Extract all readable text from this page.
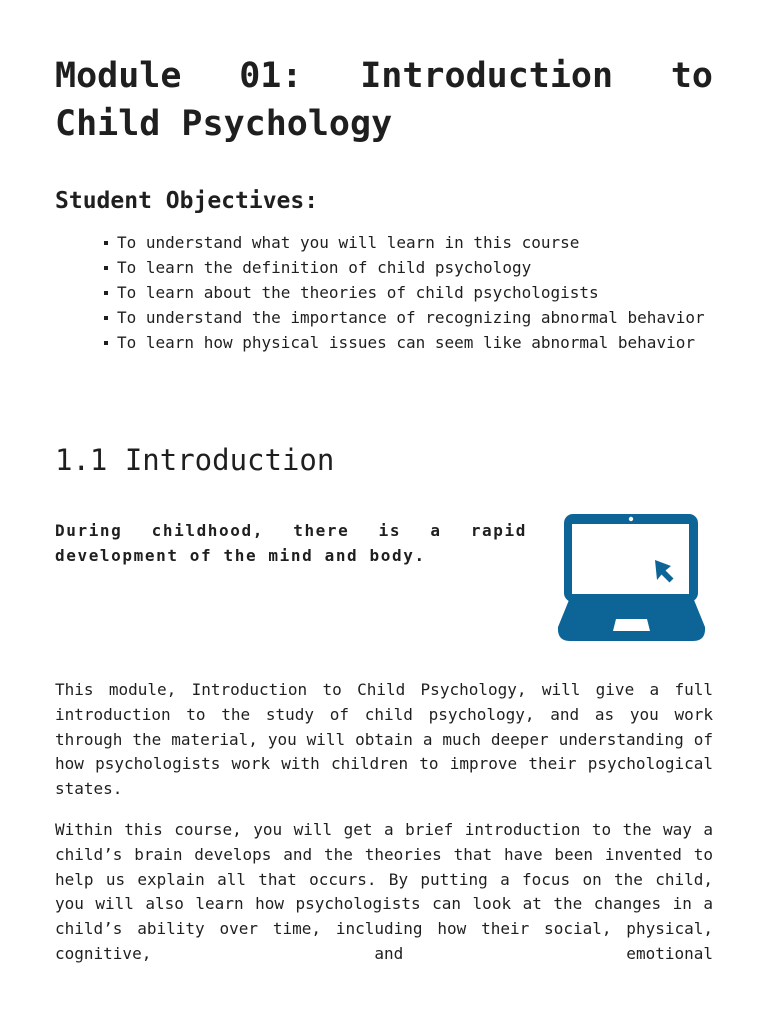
Module 01: Introduction to Child Psychology
Student Objectives:
To understand what you will learn in this course
To learn the definition of child psychology
To learn about the theories of child psychologists
To understand the importance of recognizing abnormal behavior
To learn how physical issues can seem like abnormal behavior
1.1 Introduction

During childhood, there is a rapid development of the mind and body.

This module, Introduction to Child Psychology, will give a full introduction to the study of child psychology, and as you work through the material, you will obtain a much deeper understanding of how psychologists work with children to improve their psychological states.

Within this course, you will get a brief introduction to the way a child’s brain develops and the theories that have been invented to help us explain all that occurs. By putting a focus on the child, you will also learn how psychologists can look at the changes in a child’s ability over time, including how their social, physical, cognitive, and emotional
